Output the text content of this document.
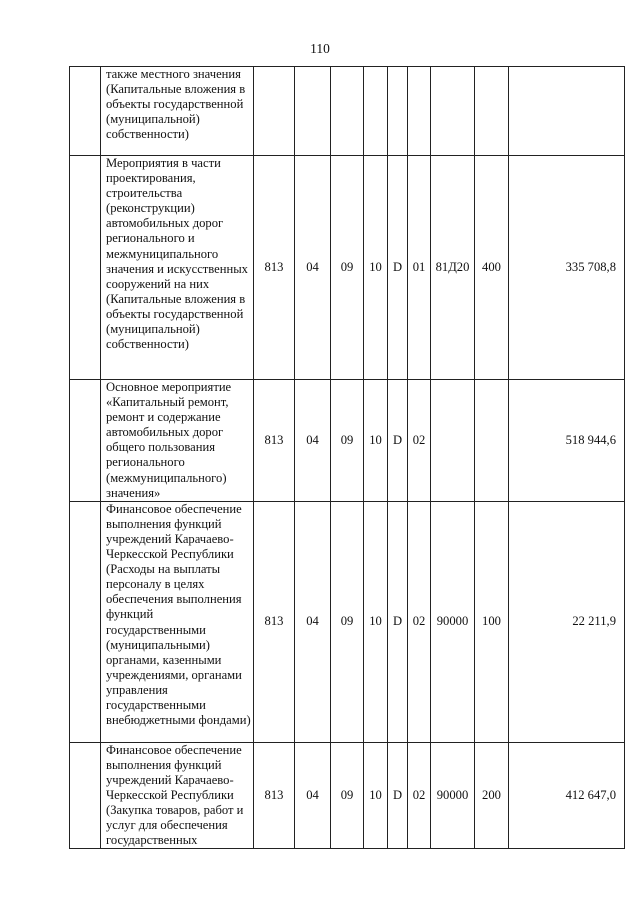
110
	также местного значения (Капитальные вложения в объекты государственной (муниципальной) собственности)									
	Мероприятия в части проектирования, строительства (реконструкции) автомобильных дорог регионального и межмуниципального значения и искусственных сооружений на них (Капитальные вложения в объекты государственной (муниципальной) собственности)	813	04	09	10	D	01	81Д20	400	335 708,8
	Основное мероприятие «Капитальный ремонт, ремонт и содержание автомобильных дорог общего пользования регионального (межмуниципального) значения»	813	04	09	10	D	02			518 944,6
	Финансовое обеспечение выполнения функций учреждений Карачаево-Черкесской Республики (Расходы на выплаты персоналу в целях обеспечения выполнения функций государственными (муниципальными) органами, казенными учреждениями, органами управления государственными внебюджетными фондами)	813	04	09	10	D	02	90000	100	22 211,9
	Финансовое обеспечение выполнения функций учреждений Карачаево-Черкесской Республики (Закупка товаров, работ и услуг для обеспечения государственных	813	04	09	10	D	02	90000	200	412 647,0
